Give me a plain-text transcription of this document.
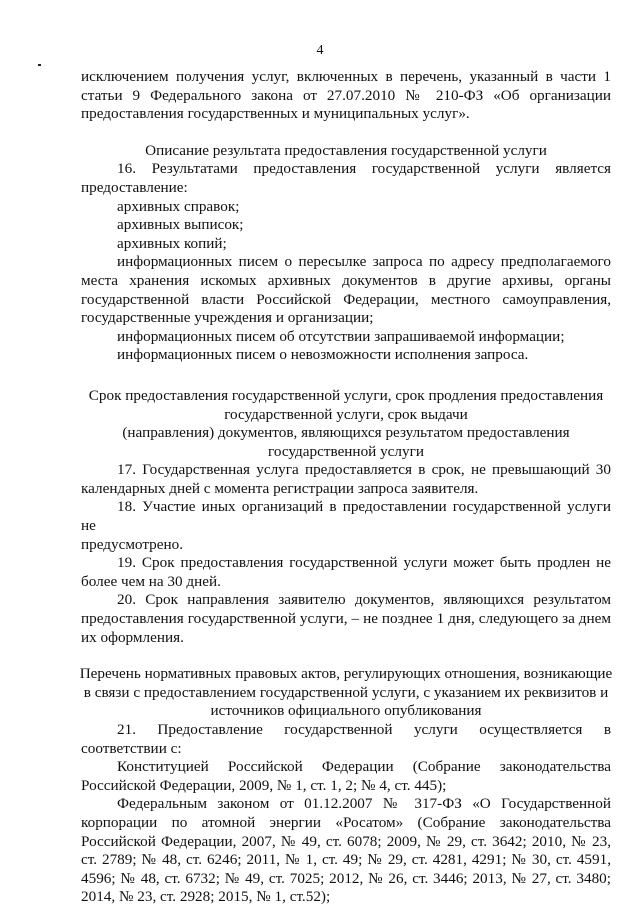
4

исключением получения услуг, включенных в перечень, указанный в части 1

статьи 9 Федерального закона от 27.07.2010 № 210-ФЗ «Об организации

предоставления государственных и муниципальных услуг».

Описание результата предоставления государственной услуги

16. Результатами предоставления государственной услуги является

предоставление:

архивных справок;

архивных выписок;

архивных копий;

информационных писем о пересылке запроса по адресу предполагаемого

места хранения искомых архивных документов в другие архивы, органы

государственной власти Российской Федерации, местного самоуправления,

государственные учреждения и организации;

информационных писем об отсутствии запрашиваемой информации;

информационных писем о невозможности исполнения запроса.

Срок предоставления государственной услуги, срок продления предоставления

государственной услуги, срок выдачи

(направления) документов, являющихся результатом предоставления

государственной услуги

17. Государственная услуга предоставляется в срок, не превышающий 30

календарных дней с момента регистрации запроса заявителя.

18. Участие иных организаций в предоставлении государственной услуги не

предусмотрено.

19. Срок предоставления государственной услуги может быть продлен не

более чем на 30 дней.

20. Срок направления заявителю документов, являющихся результатом

предоставления государственной услуги, – не позднее 1 дня, следующего за днем

их оформления.

Перечень нормативных правовых актов, регулирующих отношения, возникающие

в связи с предоставлением государственной услуги, с указанием их реквизитов и

источников официального опубликования

21. Предоставление государственной услуги осуществляется в

соответствии с:

Конституцией Российской Федерации (Собрание законодательства

Российской Федерации, 2009, № 1, ст. 1, 2; № 4, ст. 445);

Федеральным законом от 01.12.2007 № 317-ФЗ «О Государственной

корпорации по атомной энергии «Росатом» (Собрание законодательства

Российской Федерации, 2007, № 49, ст. 6078; 2009, № 29, ст. 3642; 2010, № 23,

ст. 2789; № 48, ст. 6246; 2011, № 1, ст. 49; № 29, ст. 4281, 4291; № 30, ст. 4591,

4596; № 48, ст. 6732; № 49, ст. 7025; 2012, № 26, ст. 3446; 2013, № 27, ст. 3480;

2014, № 23, ст. 2928; 2015, № 1, ст.52);
